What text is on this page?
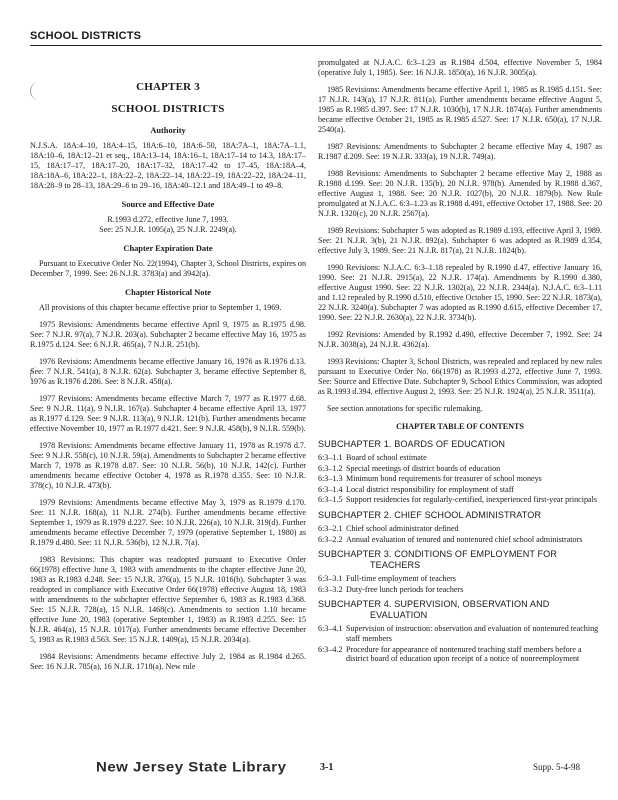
SCHOOL DISTRICTS
CHAPTER 3
SCHOOL DISTRICTS
Authority
N.J.S.A. 18A:4–10, 18A:4–15, 18A:6–10, 18A:6–50, 18A:7A–1, 18A:7A–1.1, 18A:10–6, 18A:12–21 et seq., 18A:13–14, 18A:16–1, 18A:17–14 to 14.3, 18A:17–15, 18A:17–17, 18A:17–20, 18A:17–32, 18A:17–42 to 17–45, 18A:18A–4, 18A:18A–6, 18A:22–1, 18A:22–2, 18A:22–14, 18A:22–19, 18A:22–22, 18A:24–11, 18A:28–9 to 28–13, 18A:29–6 to 29–16, 18A:40–12.1 and 18A:49–1 to 49–8.
Source and Effective Date
R.1993 d.272, effective June 7, 1993.
See: 25 N.J.R. 1095(a), 25 N.J.R. 2249(a).
Chapter Expiration Date
Pursuant to Executive Order No. 22(1994), Chapter 3, School Districts, expires on December 7, 1999. See: 26 N.J.R. 3783(a) and 3942(a).
Chapter Historical Note
All provisions of this chapter became effective prior to September 1, 1969.
1975 Revisions: Amendments became effective April 9, 1975 as R.1975 d.98. See: 7 N.J.R. 97(a), 7 N.J.R. 203(a). Subchapter 2 became effective May 16, 1975 as R.1975 d.124. See: 6 N.J.R. 465(a), 7 N.J.R. 251(b).
1976 Revisions: Amendments became effective January 16, 1976 as R.1976 d.13. See: 7 N.J.R. 541(a), 8 N.J.R. 62(a). Subchapter 3, became effective September 8, 1976 as R.1976 d.286. See: 8 N.J.R. 458(a).
1977 Revisions: Amendments became effective March 7, 1977 as R.1977 d.68. See: 9 N.J.R. 11(a), 9 N.J.R. 167(a). Subchapter 4 became effective April 13, 1977 as R.1977 d.129. See: 9 N.J.R. 113(a), 9 N.J.R. 121(b). Further amendments became effective November 10, 1977 as R.1977 d.421. See: 9 N.J.R. 458(b), 9 N.J.R. 559(b).
1978 Revisions: Amendments became effective January 11, 1978 as R.1978 d.7. See: 9 N.J.R. 558(c), 10 N.J.R. 59(a). Amendments to Subchapter 2 became effective March 7, 1978 as R.1978 d.87. See: 10 N.J.R. 56(b), 10 N.J.R. 142(c). Further amendments became effective October 4, 1978 as R.1978 d.355. See: 10 N.J.R. 378(c), 10 N.J.R. 473(b).
1979 Revisions: Amendments became effective May 3, 1979 as R.1979 d.170. See: 11 N.J.R. 168(a), 11 N.J.R. 274(b). Further amendments became effective September 1, 1979 as R.1979 d.227. See: 10 N.J.R. 226(a), 10 N.J.R. 319(d). Further amendments became effective December 7, 1979 (operative September 1, 1980) as R.1979 d.480. See: 11 N.J.R. 536(b), 12 N.J.R. 7(a).
1983 Revisions: This chapter was readopted pursuant to Executive Order 66(1978) effective June 3, 1983 with amendments to the chapter effective June 20, 1983 as R.1983 d.248. See: 15 N.J.R. 376(a), 15 N.J.R. 1016(b). Subchapter 3 was readopted in compliance with Executive Order 66(1978) effective August 18, 1983 with amendments to the subchapter effective September 6, 1983 as R.1983 d.368. See: 15 N.J.R. 728(a), 15 N.J.R. 1468(c). Amendments to section 1.10 became effective June 20, 1983 (operative September 1, 1983) as R.1983 d.255. See: 15 N.J.R. 464(a), 15 N.J.R. 1017(a). Further amendments became effective December 5, 1983 as R.1983 d.563. See: 15 N.J.R. 1409(a), 15 N.J.R. 2034(a).
1984 Revisions: Amendments became effective July 2, 1984 as R.1984 d.265. See: 16 N.J.R. 785(a), 16 N.J.R. 1718(a). New rule
promulgated at N.J.A.C. 6:3–1.23 as R.1984 d.504, effective November 5, 1984 (operative July 1, 1985). See: 16 N.J.R. 1850(a), 16 N.J.R. 3005(a).
1985 Revisions: Amendments became effective April 1, 1985 as R.1985 d.151. See: 17 N.J.R. 143(a), 17 N.J.R. 811(a). Further amendments became effective August 5, 1985 as R.1985 d.397. See: 17 N.J.R. 1030(b), 17 N.J.R. 1874(a). Further amendments became effective October 21, 1985 as R.1985 d.527. See: 17 N.J.R. 650(a), 17 N.J.R. 2540(a).
1987 Revisions: Amendments to Subchapter 2 became effective May 4, 1987 as R.1987 d.209. See: 19 N.J.R. 333(a), 19 N.J.R. 749(a).
1988 Revisions: Amendments to Subchapter 2 became effective May 2, 1988 as R.1988 d.199. See: 20 N.J.R. 135(b), 20 N.J.R. 978(b). Amended by R.1988 d.367, effective August 1, 1988. See: 20 N.J.R. 1027(b), 20 N.J.R. 1879(b). New Rule promulgated at N.J.A.C. 6:3–1.23 as R.1988 d.491, effective October 17, 1988. See: 20 N.J.R. 1320(c), 20 N.J.R. 2567(a).
1989 Revisions: Subchapter 5 was adopted as R.1989 d.193, effective April 3, 1989. See: 21 N.J.R. 3(b), 21 N.J.R. 892(a). Subchapter 6 was adopted as R.1989 d.354, effective July 3, 1989. See: 21 N.J.R. 817(a), 21 N.J.R. 1824(b).
1990 Revisions: N.J.A.C. 6:3–1.18 repealed by R.1990 d.47, effective January 16, 1990. See: 21 N.J.R. 2915(a), 22 N.J.R. 174(a). Amendments by R.1990 d.380, effective August 1990. See: 22 N.J.R. 1302(a), 22 N.J.R. 2344(a). N.J.A.C. 6:3–1.11 and 1.12 repealed by R.1990 d.510, effective October 15, 1990. See: 22 N.J.R. 1873(a), 22 N.J.R. 3240(a). Subchapter 7 was adopted as R.1990 d.615, effective December 17, 1990. See: 22 N.J.R. 2630(a), 22 N.J.R. 3734(b).
1992 Revisions: Amended by R.1992 d.490, effective December 7, 1992. See: 24 N.J.R. 3038(a), 24 N.J.R. 4362(a).
1993 Revisions: Chapter 3, School Districts, was repealed and replaced by new rules pursuant to Executive Order No. 66(1978) as R.1993 d.272, effective June 7, 1993. See: Source and Effective Date. Subchapter 9, School Ethics Commission, was adopted as R.1993 d.394, effective August 2, 1993. See: 25 N.J.R. 1924(a), 25 N.J.R. 3511(a).
See section annotations for specific rulemaking.
CHAPTER TABLE OF CONTENTS
SUBCHAPTER 1. BOARDS OF EDUCATION
6:3–1.1 Board of school estimate
6:3–1.2 Special meetings of district boards of education
6:3–1.3 Minimum bond requirements for treasurer of school moneys
6:3–1.4 Local district responsibility for employment of staff
6:3–1.5 Support residencies for regularly-certified, inexperienced first-year principals
SUBCHAPTER 2. CHIEF SCHOOL ADMINISTRATOR
6:3–2.1 Chief school administrator defined
6:3–2.2 Annual evaluation of tenured and nontenured chief school administrators
SUBCHAPTER 3. CONDITIONS OF EMPLOYMENT FOR
TEACHERS
6:3–3.1 Full-time employment of teachers
6:3–3.2 Duty-free lunch periods for teachers
SUBCHAPTER 4. SUPERVISION, OBSERVATION AND
EVALUATION
6:3–4.1 Supervision of instruction: observation and evaluation of nontenured teaching staff members
6:3–4.2 Procedure for appearance of nontenured teaching staff members before a district board of education upon receipt of a notice of nonreemployment
New Jersey State Library	3-1	Supp. 5-4-98
